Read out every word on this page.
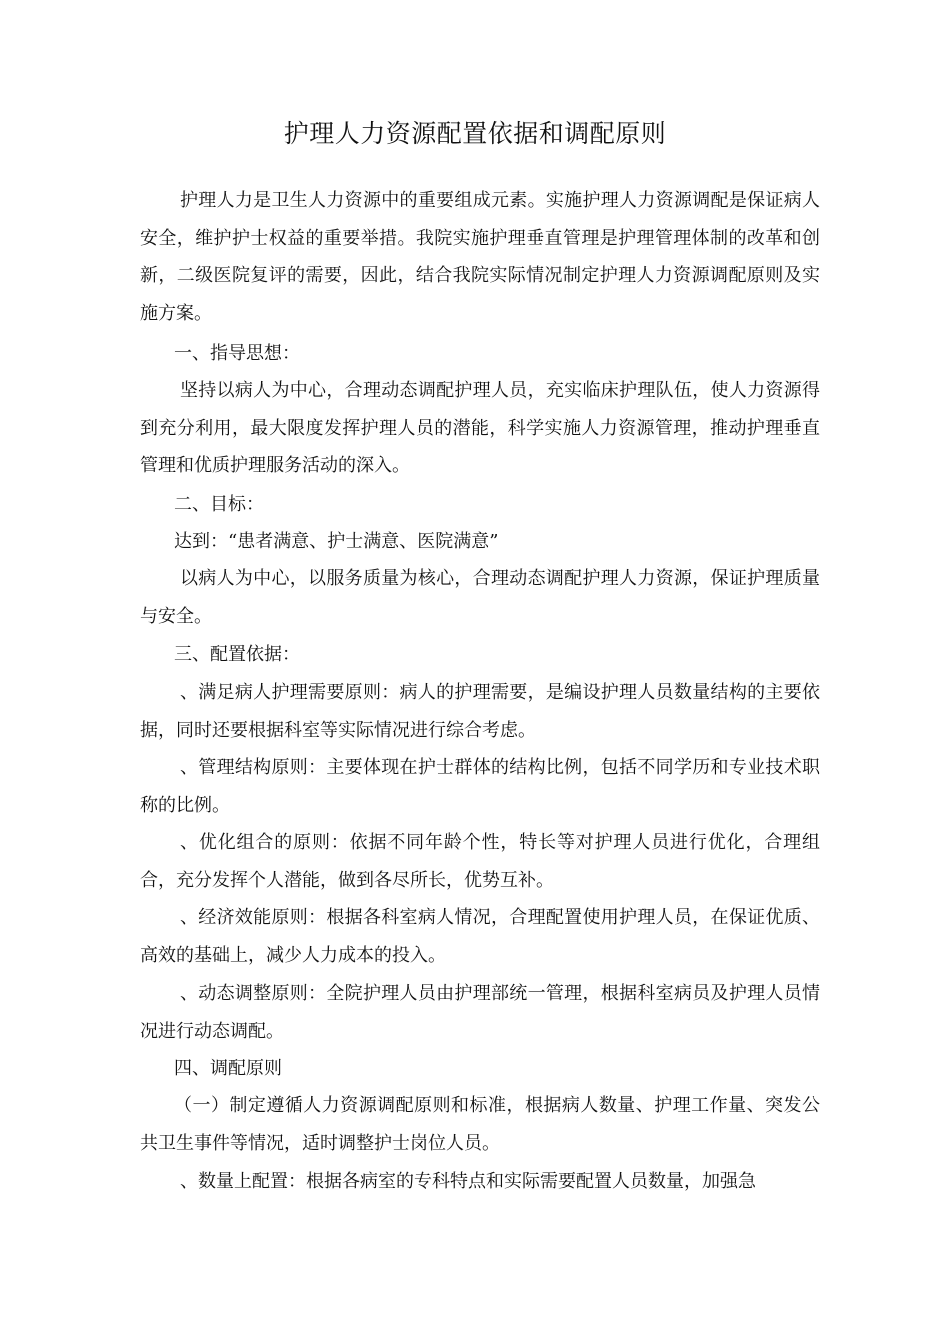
护理人力资源配置依据和调配原则

护理人力是卫生人力资源中的重要组成元素。实施护理人力资源调配是保证病人安全，维护护士权益的重要举措。我院实施护理垂直管理是护理管理体制的改革和创新，二级医院复评的需要，因此，结合我院实际情况制定护理人力资源调配原则及实施方案。

一、指导思想：

坚持以病人为中心，合理动态调配护理人员，充实临床护理队伍，使人力资源得到充分利用，最大限度发挥护理人员的潜能，科学实施人力资源管理，推动护理垂直管理和优质护理服务活动的深入。

二、目标：

达到：“患者满意、护士满意、医院满意”

以病人为中心，以服务质量为核心，合理动态调配护理人力资源，保证护理质量与安全。

三、配置依据：

、满足病人护理需要原则：病人的护理需要，是编设护理人员数量结构的主要依据，同时还要根据科室等实际情况进行综合考虑。

、管理结构原则：主要体现在护士群体的结构比例，包括不同学历和专业技术职称的比例。

、优化组合的原则：依据不同年龄个性，特长等对护理人员进行优化，合理组合，充分发挥个人潜能，做到各尽所长，优势互补。

、经济效能原则：根据各科室病人情况，合理配置使用护理人员，在保证优质、高效的基础上，减少人力成本的投入。

、动态调整原则：全院护理人员由护理部统一管理，根据科室病员及护理人员情况进行动态调配。

四、调配原则

（一）制定遵循人力资源调配原则和标准，根据病人数量、护理工作量、突发公共卫生事件等情况，适时调整护士岗位人员。

、数量上配置：根据各病室的专科特点和实际需要配置人员数量，加强急
